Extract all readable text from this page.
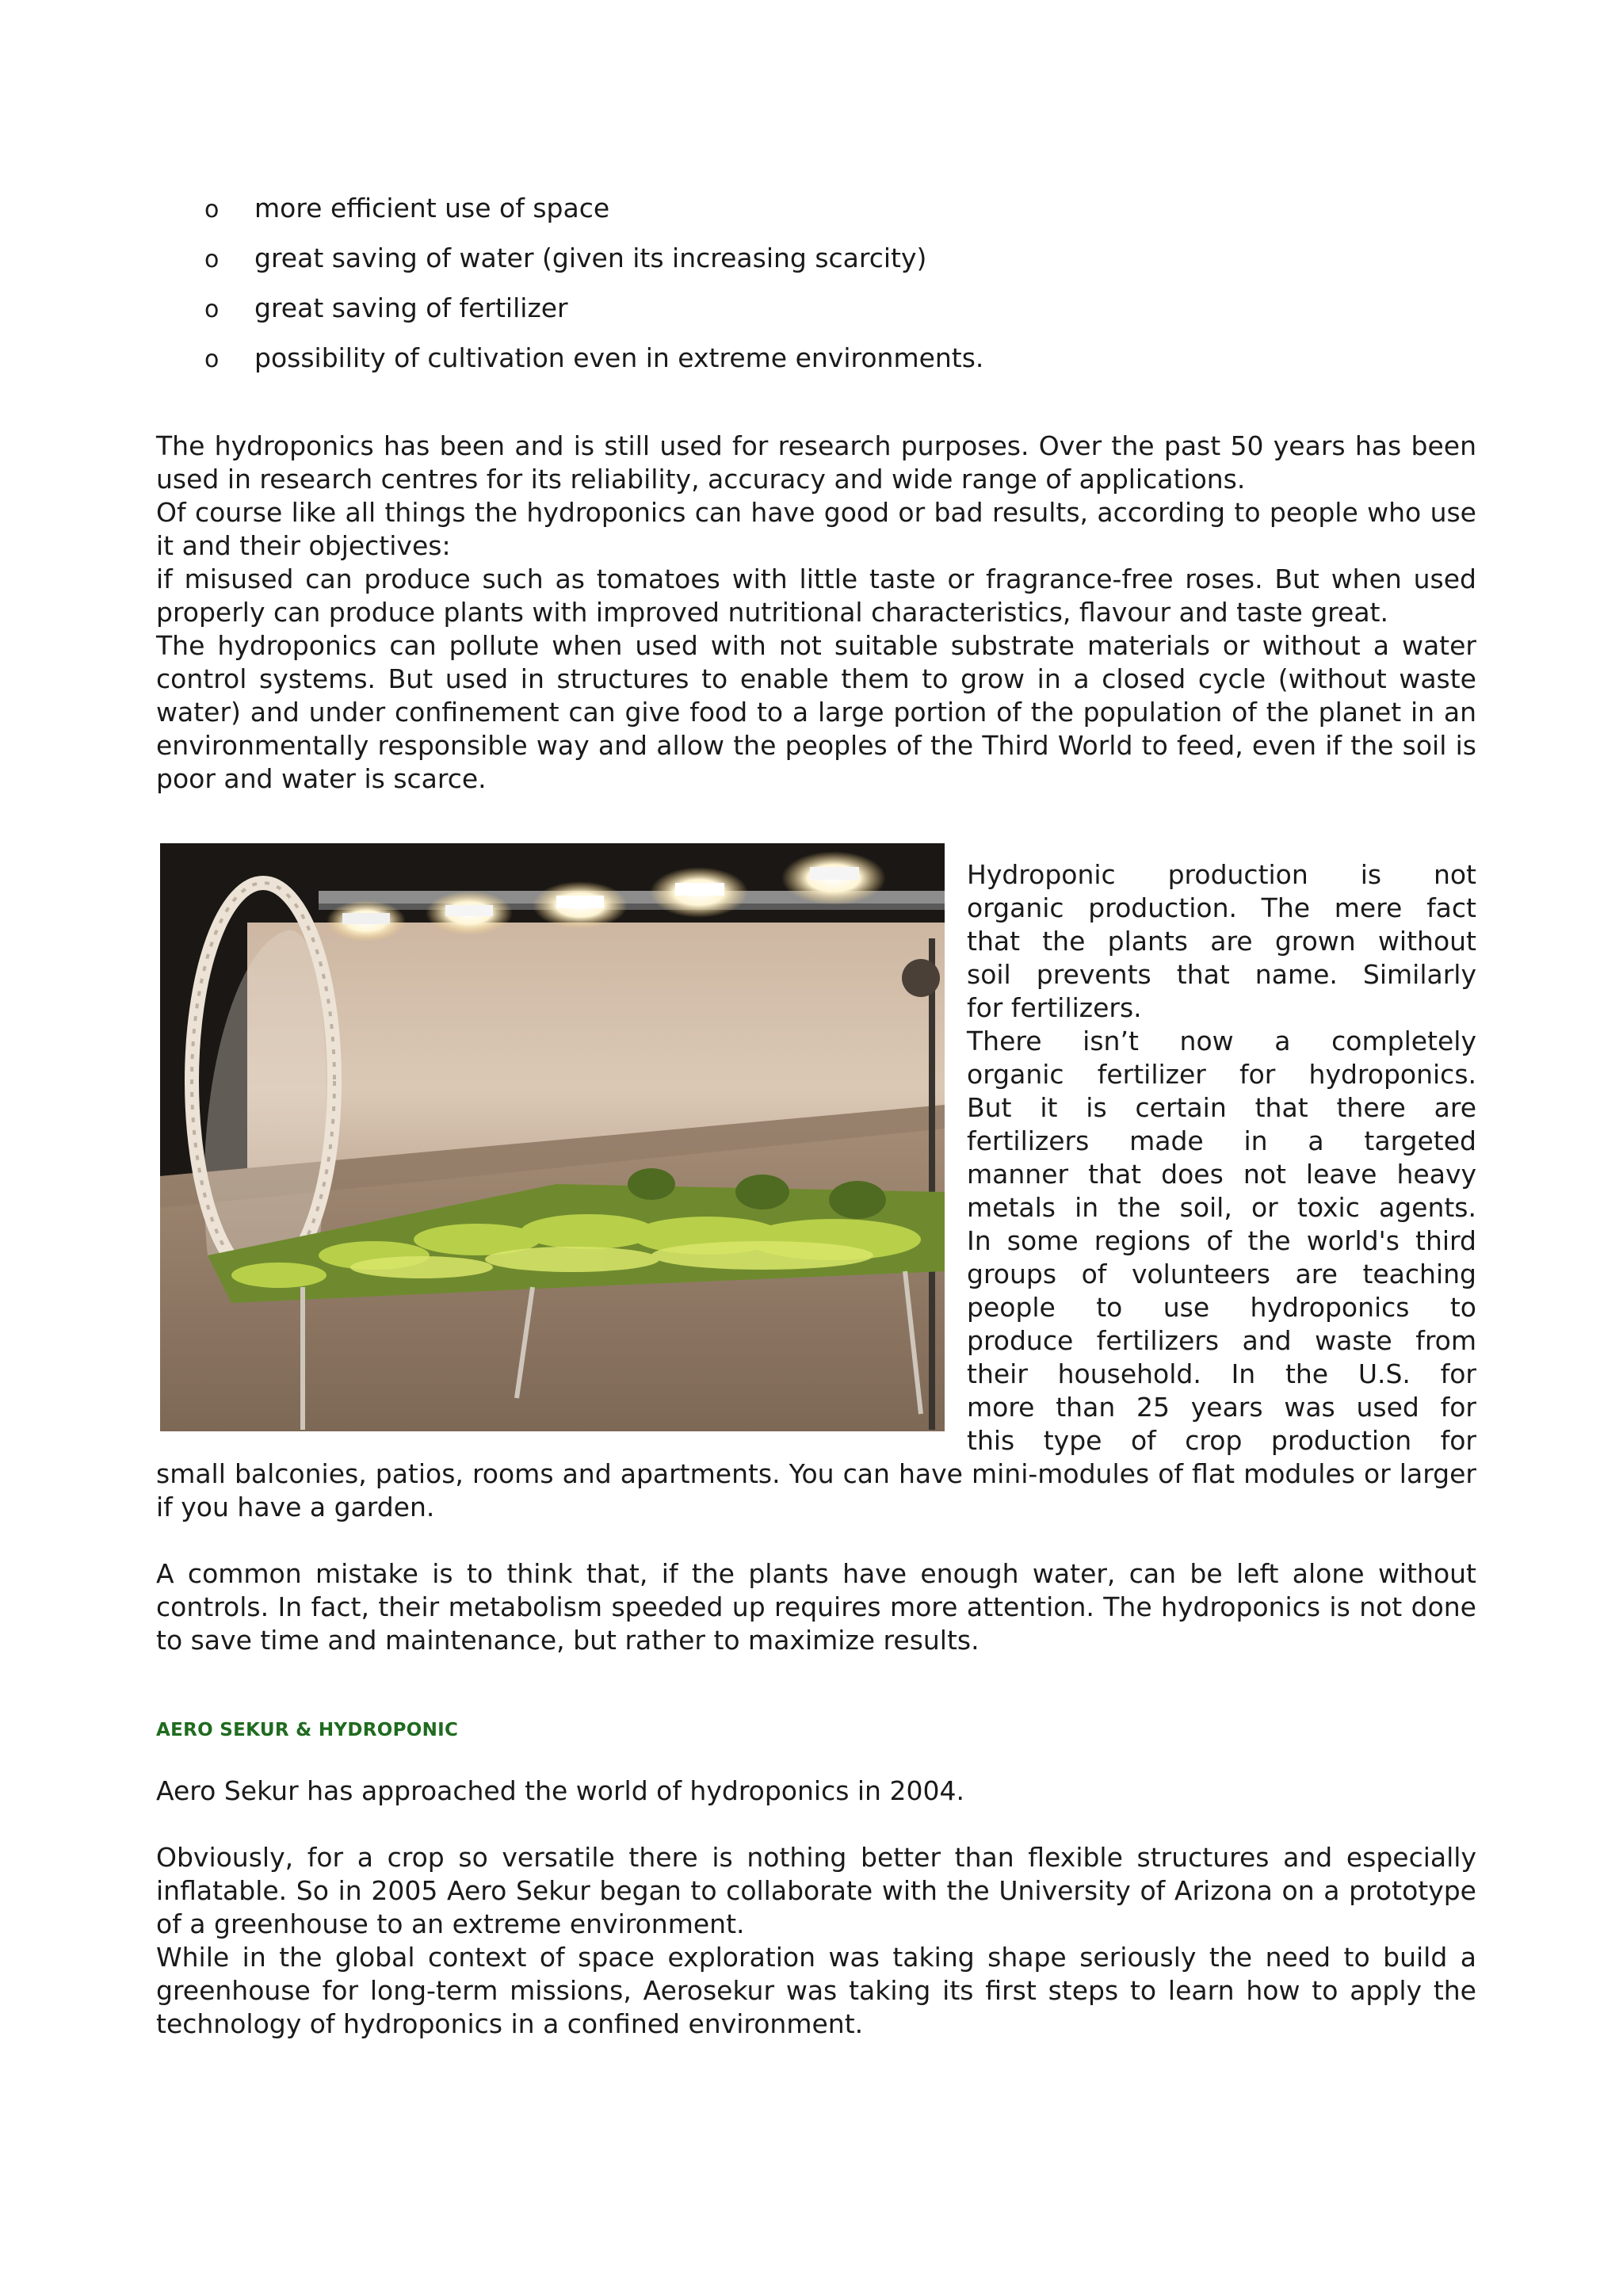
o more efficient use of space
o great saving of water (given its increasing scarcity)
o great saving of fertilizer
o possibility of cultivation even in extreme environments.

The hydroponics has been and is still used for research purposes. Over the past 50 years has been used in research centres for its reliability, accuracy and wide range of applications.

Of course like all things the hydroponics can have good or bad results, according to people who use it and their objectives:

if misused can produce such as tomatoes with little taste or fragrance-free roses. But when used properly can produce plants with improved nutritional characteristics, flavour and taste great.

The hydroponics can pollute when used with not suitable substrate materials or without a water control systems. But used in structures to enable them to grow in a closed cycle (without waste water) and under confinement can give food to a large portion of the population of the planet in an environmentally responsible way and allow the peoples of the Third World to feed, even if the soil is poor and water is scarce.

Hydroponic production is not

organic production. The mere fact

that the plants are grown without

soil prevents that name. Similarly

for fertilizers.

There isn’t now a completely

organic fertilizer for hydroponics.

But it is certain that there are

fertilizers made in a targeted

manner that does not leave heavy

metals in the soil, or toxic agents.

In some regions of the world's third

groups of volunteers are teaching

people to use hydroponics to

produce fertilizers and waste from

their household. In the U.S. for

more than 25 years was used for

this type of crop production for

small balconies, patios, rooms and apartments. You can have mini-modules of flat modules or larger if you have a garden.

A common mistake is to think that, if the plants have enough water, can be left alone without controls. In fact, their metabolism speeded up requires more attention. The hydroponics is not done to save time and maintenance, but rather to maximize results.

AERO SEKUR & HYDROPONIC

Aero Sekur has approached the world of hydroponics in 2004.

Obviously, for a crop so versatile there is nothing better than flexible structures and especially inflatable. So in 2005 Aero Sekur began to collaborate with the University of Arizona on a prototype of a greenhouse to an extreme environment.

While in the global context of space exploration was taking shape seriously the need to build a greenhouse for long-term missions, Aerosekur was taking its first steps to learn how to apply the technology of hydroponics in a confined environment.
